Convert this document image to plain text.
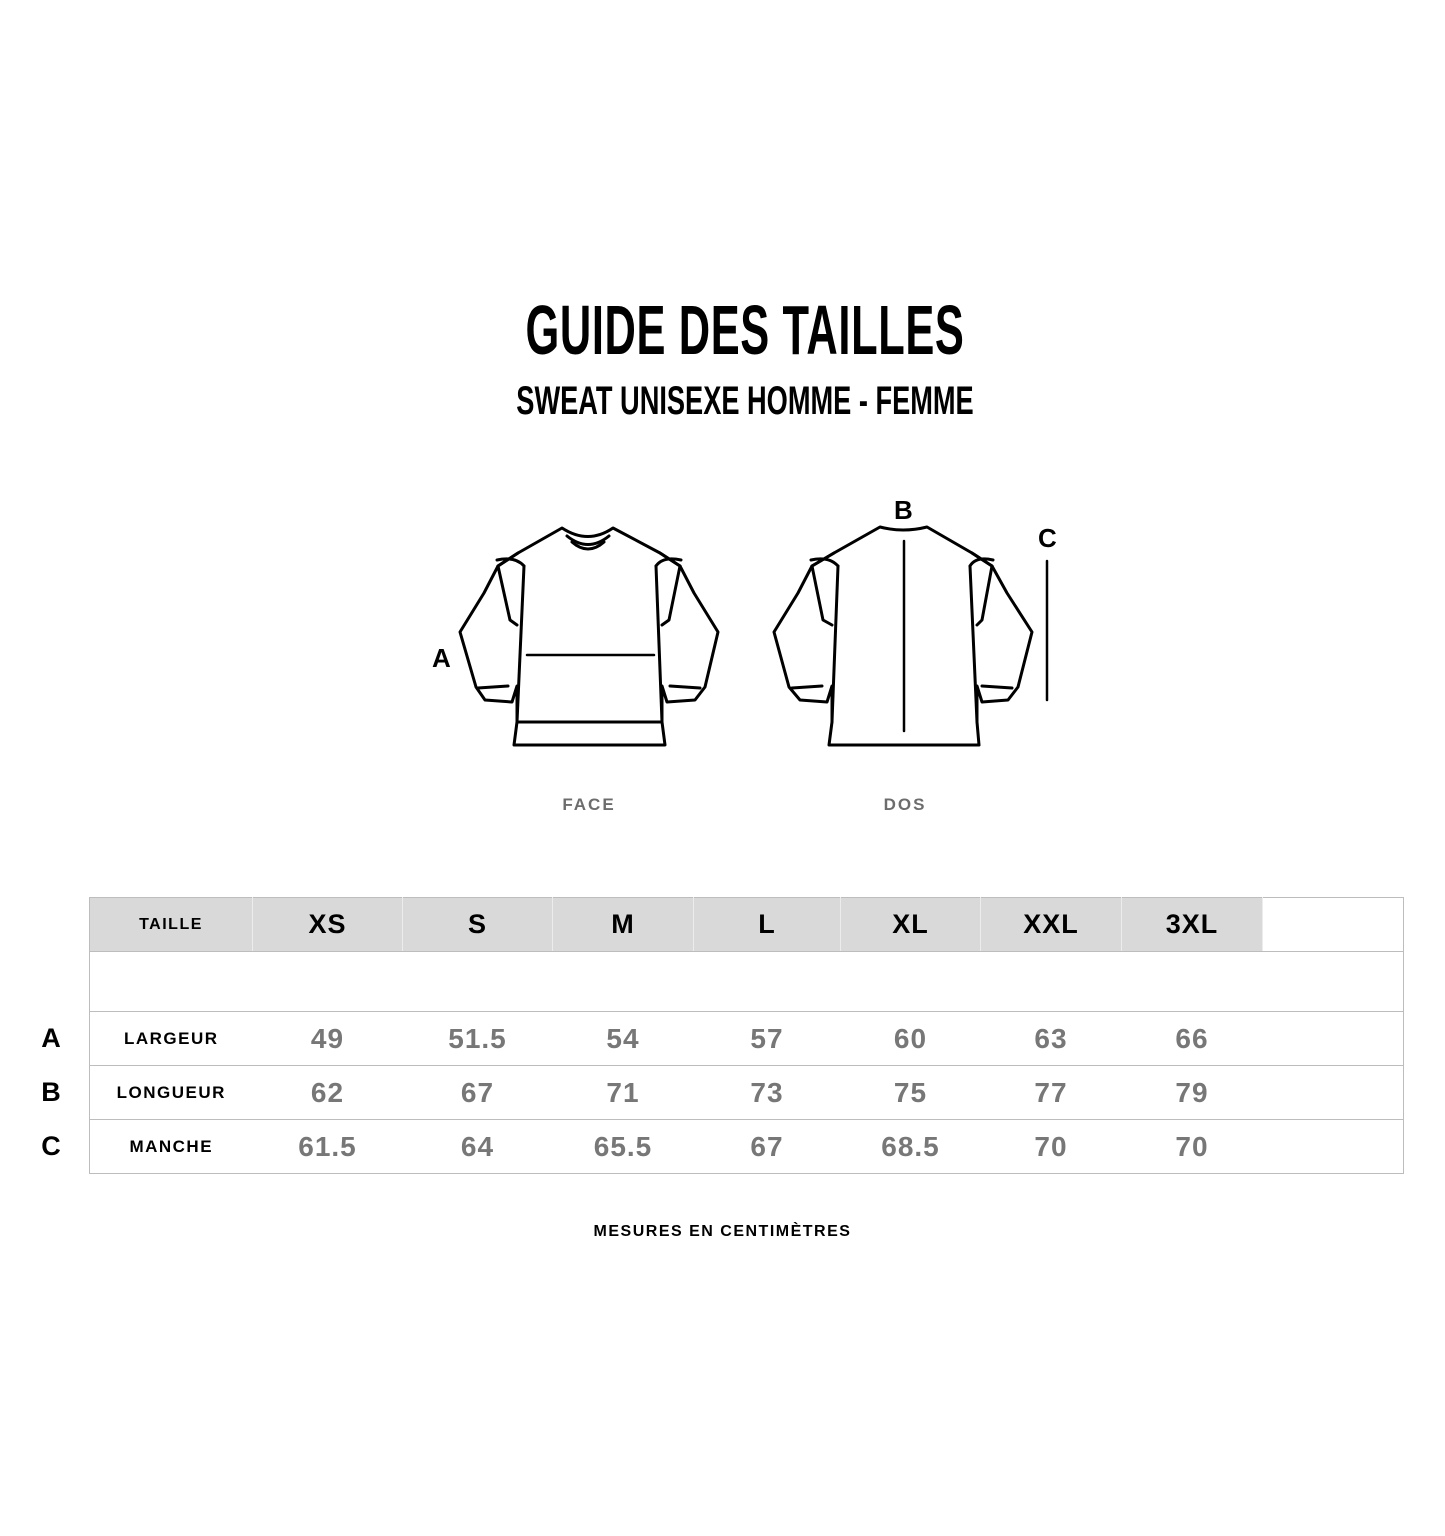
GUIDE DES TAILLES
SWEAT UNISEXE HOMME - FEMME
A
B
C
FACE	DOS
TAILLE	XS	S	M	L	XL	XXL	3XL	

LARGEUR	49	51.5	54	57	60	63	66	
LONGUEUR	62	67	71	73	75	77	79	
MANCHE	61.5	64	65.5	67	68.5	70	70	
A
B
C
MESURES EN CENTIMÈTRES
